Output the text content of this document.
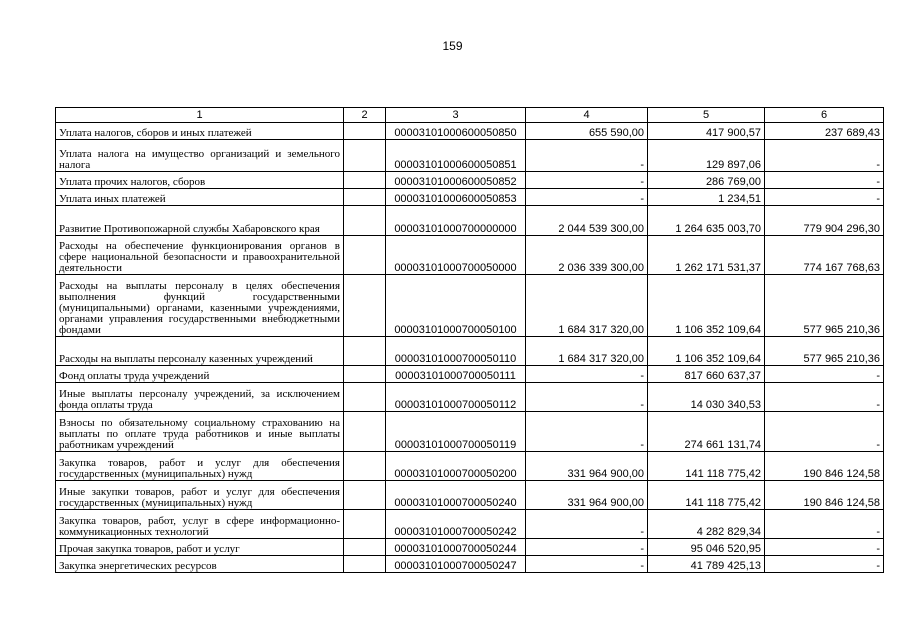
159
1	2	3	4	5	6
Уплата налогов, сборов и иных платежей		00003101000600050850	655 590,00	417 900,57	237 689,43
Уплата налога на имущество организаций и земельного налога		00003101000600050851	-	129 897,06	-
Уплата прочих налогов, сборов		00003101000600050852	-	286 769,00	-
Уплата иных платежей		00003101000600050853	-	1 234,51	-
Развитие Противопожарной службы Хабаровского края		00003101000700000000	2 044 539 300,00	1 264 635 003,70	779 904 296,30
Расходы на обеспечение функционирования органов в сфере национальной безопасности и правоохранительной деятельности		00003101000700050000	2 036 339 300,00	1 262 171 531,37	774 167 768,63
Расходы на выплаты персоналу в целях обеспечения выполнения функций государственными (муниципальными) органами, казенными учреждениями, органами управления государственными внебюджетными фондами		00003101000700050100	1 684 317 320,00	1 106 352 109,64	577 965 210,36
Расходы на выплаты персоналу казенных учреждений		00003101000700050110	1 684 317 320,00	1 106 352 109,64	577 965 210,36
Фонд оплаты труда учреждений		00003101000700050111	-	817 660 637,37	-
Иные выплаты персоналу учреждений, за исключением фонда оплаты труда		00003101000700050112	-	14 030 340,53	-
Взносы по обязательному социальному страхованию на выплаты по оплате труда работников и иные выплаты работникам учреждений		00003101000700050119	-	274 661 131,74	-
Закупка товаров, работ и услуг для обеспечения государственных (муниципальных) нужд		00003101000700050200	331 964 900,00	141 118 775,42	190 846 124,58
Иные закупки товаров, работ и услуг для обеспечения государственных (муниципальных) нужд		00003101000700050240	331 964 900,00	141 118 775,42	190 846 124,58
Закупка товаров, работ, услуг в сфере информационно-коммуникационных технологий		00003101000700050242	-	4 282 829,34	-
Прочая закупка товаров, работ и услуг		00003101000700050244	-	95 046 520,95	-
Закупка энергетических ресурсов		00003101000700050247	-	41 789 425,13	-
